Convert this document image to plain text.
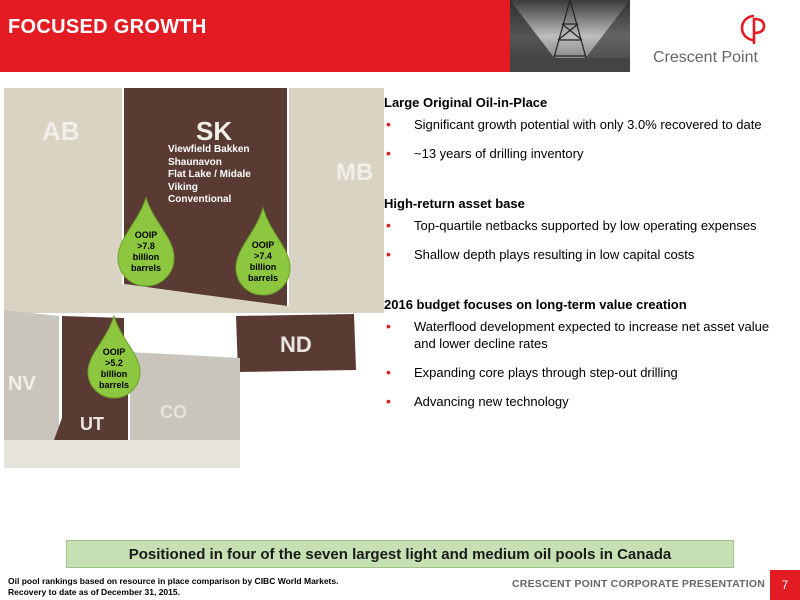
FOCUSED GROWTH
Crescent Point
AB	SK
MB
ND
NV
UT
CO
Viewfield Bakken
Shaunavon
Flat Lake / Midale
Viking
Conventional
OOIP
>7.8
billion
barrels
OOIP
>7.4
billion
barrels
OOIP
>5.2
billion
barrels
Large Original Oil-in-Place
• Significant growth potential with only 3.0% recovered to date
• ~13 years of drilling inventory
High-return asset base
• Top-quartile netbacks supported by low operating expenses
• Shallow depth plays resulting in low capital costs
2016 budget focuses on long-term value creation
• Waterflood development expected to increase net asset value and lower decline rates
• Expanding core plays through step-out drilling
• Advancing new technology
Positioned in four of the seven largest light and medium oil pools in Canada
Oil pool rankings based on resource in place comparison by CIBC World Markets.
Recovery to date as of December 31, 2015.
CRESCENT POINT CORPORATE PRESENTATION	7
